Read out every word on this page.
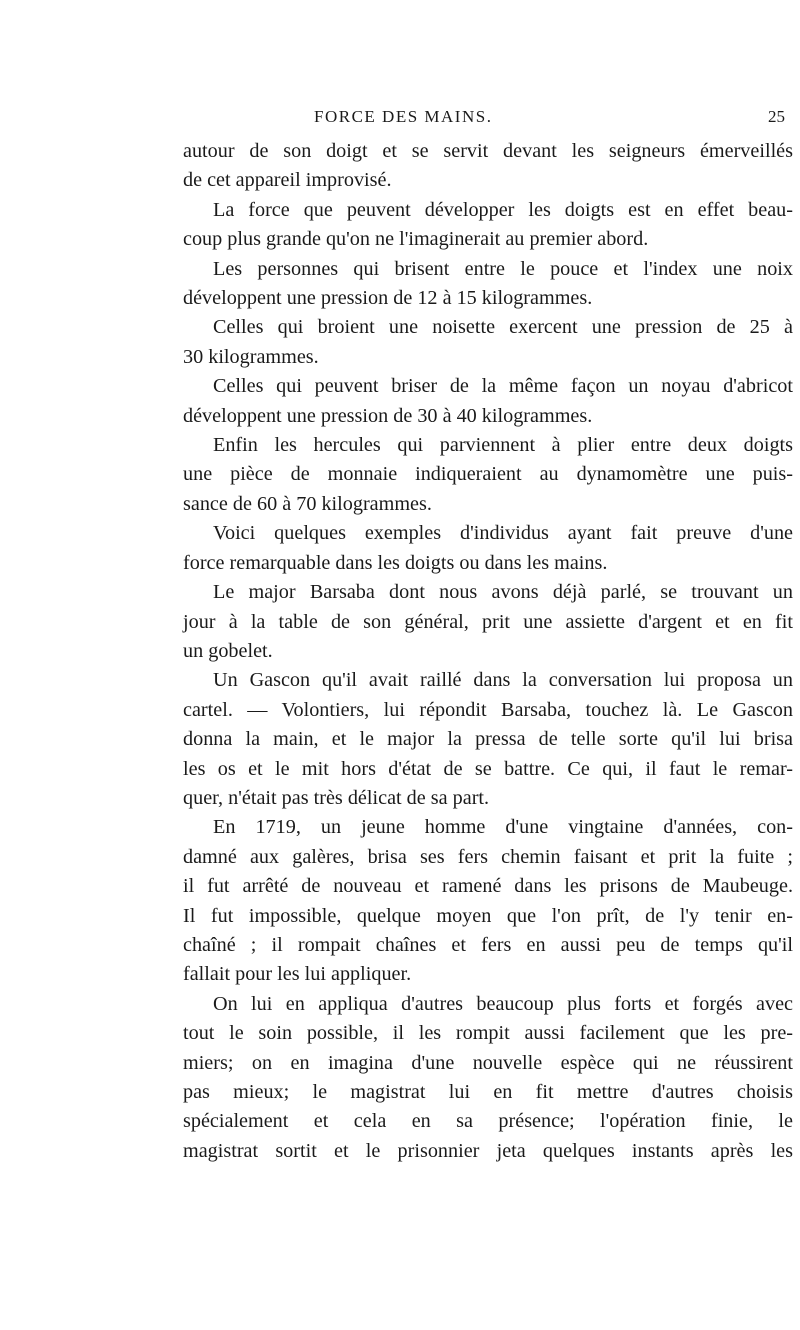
FORCE DES MAINS.	25
autour de son doigt et se servit devant les seigneurs émerveillés
de cet appareil improvisé.
La force que peuvent développer les doigts est en effet beau-
coup plus grande qu'on ne l'imaginerait au premier abord.
Les personnes qui brisent entre le pouce et l'index une noix
développent une pression de 12 à 15 kilogrammes.
Celles qui broient une noisette exercent une pression de 25 à
30 kilogrammes.
Celles qui peuvent briser de la même façon un noyau d'abricot
développent une pression de 30 à 40 kilogrammes.
Enfin les hercules qui parviennent à plier entre deux doigts
une pièce de monnaie indiqueraient au dynamomètre une puis-
sance de 60 à 70 kilogrammes.
Voici quelques exemples d'individus ayant fait preuve d'une
force remarquable dans les doigts ou dans les mains.
Le major Barsaba dont nous avons déjà parlé, se trouvant un
jour à la table de son général, prit une assiette d'argent et en fit
un gobelet.
Un Gascon qu'il avait raillé dans la conversation lui proposa un
cartel. — Volontiers, lui répondit Barsaba, touchez là. Le Gascon
donna la main, et le major la pressa de telle sorte qu'il lui brisa
les os et le mit hors d'état de se battre. Ce qui, il faut le remar-
quer, n'était pas très délicat de sa part.
En 1719, un jeune homme d'une vingtaine d'années, con-
damné aux galères, brisa ses fers chemin faisant et prit la fuite ;
il fut arrêté de nouveau et ramené dans les prisons de Maubeuge.
Il fut impossible, quelque moyen que l'on prît, de l'y tenir en-
chaîné ; il rompait chaînes et fers en aussi peu de temps qu'il
fallait pour les lui appliquer.
On lui en appliqua d'autres beaucoup plus forts et forgés avec
tout le soin possible, il les rompit aussi facilement que les pre-
miers; on en imagina d'une nouvelle espèce qui ne réussirent
pas mieux; le magistrat lui en fit mettre d'autres choisis
spécialement et cela en sa présence; l'opération finie, le
magistrat sortit et le prisonnier jeta quelques instants après les
